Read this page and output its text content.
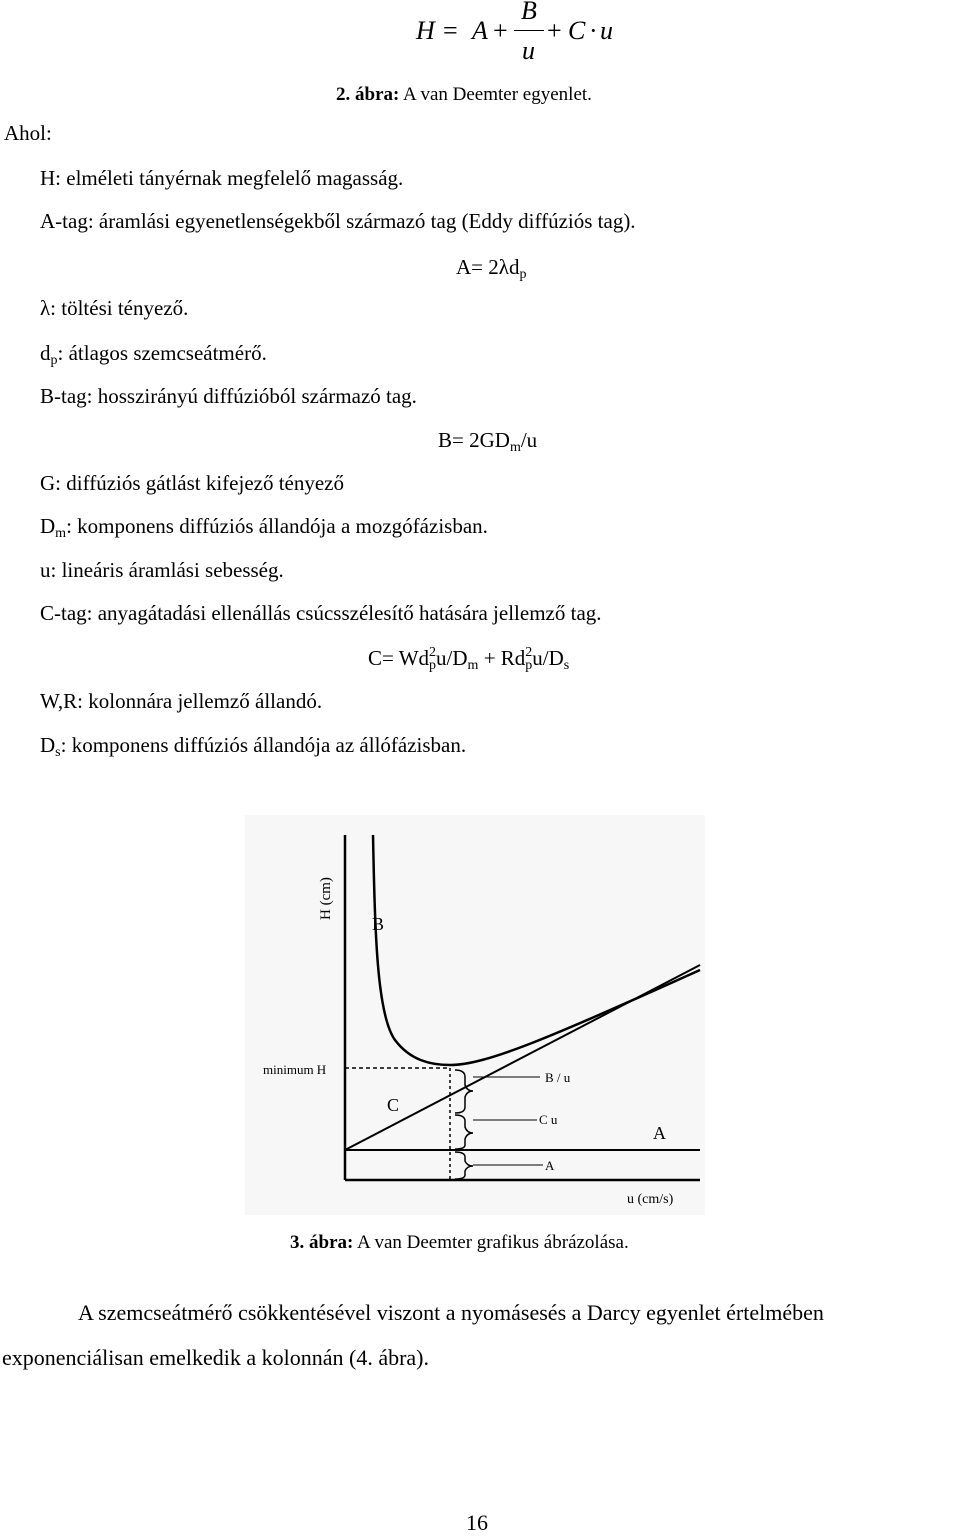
H = A +
B
u
+ C · u
2. ábra: A van Deemter egyenlet.
Ahol:
H: elméleti tányérnak megfelelő magasság.
A-tag: áramlási egyenetlenségekből származó tag (Eddy diffúziós tag).
$A= 2\lambda d_p$
λ: töltési tényező.
$d_p$: átlagos szemcseátmérő.
B-tag: hosszirányú diffúzióból származó tag.
$B= 2GD_m/u$
G: diffúziós gátlást kifejező tényező
$D_m$: komponens diffúziós állandója a mozgófázisban.
u: lineáris áramlási sebesség.
C-tag: anyagátadási ellenállás csúcsszélesítő hatására jellemző tag.
$C= Wd_p^2u/D_m + Rd_p^2u/D_s$
W,R: kolonnára jellemző állandó.
$D_s$: komponens diffúziós állandója az állófázisban.
H (cm)
u (cm/s)
B
C
A
minimum H
B / u
C u
A
3. ábra: A van Deemter grafikus ábrázolása.
A szemcseátmérő csökkentésével viszont a nyomásesés a Darcy egyenlet értelmében
exponenciálisan emelkedik a kolonnán (4. ábra).
16
